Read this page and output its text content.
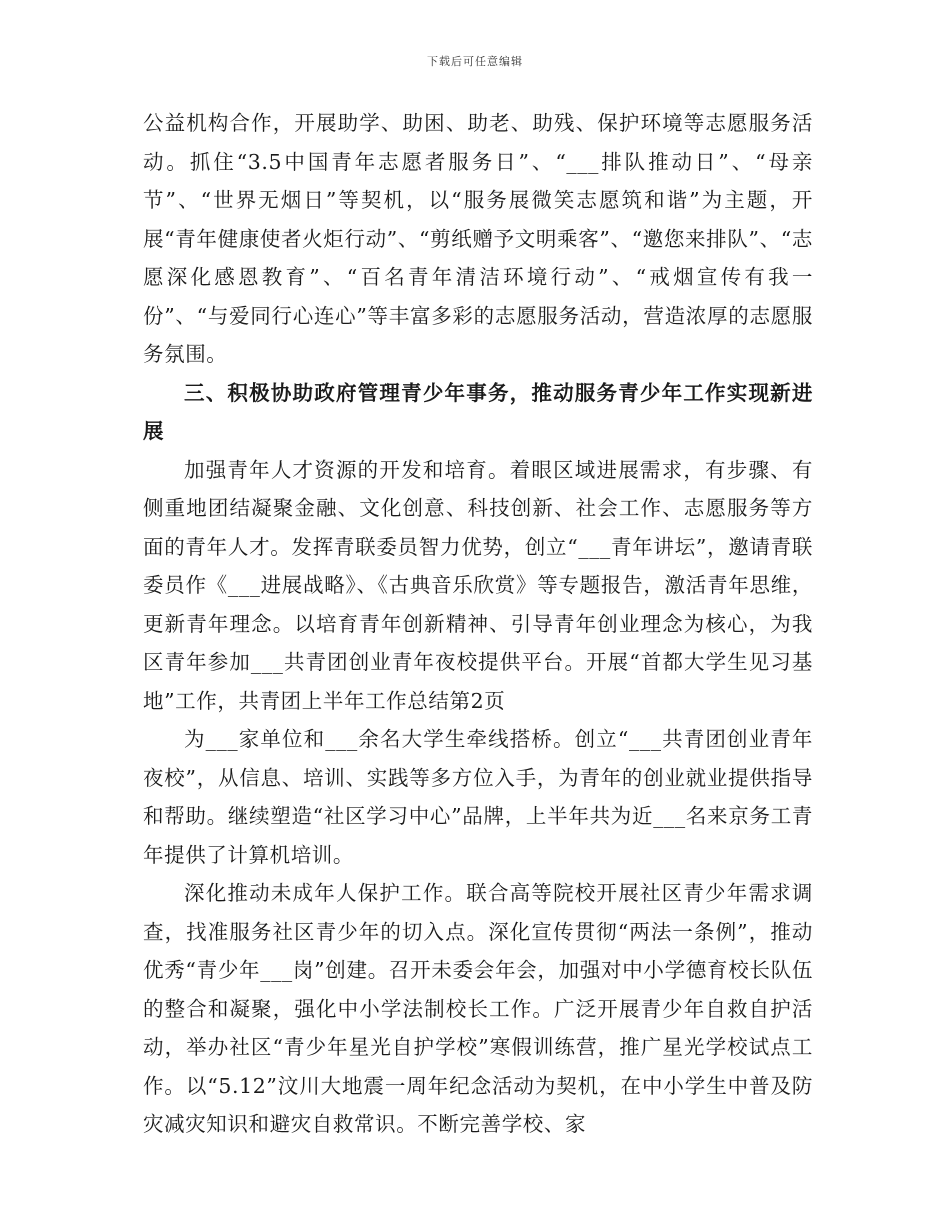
下载后可任意编辑

公益机构合作，开展助学、助困、助老、助残、保护环境等志愿服务活动。抓住“3.5中国青年志愿者服务日”、“___排队推动日”、“母亲节”、“世界无烟日”等契机，以“服务展微笑志愿筑和谐”为主题，开展“青年健康使者火炬行动”、“剪纸赠予文明乘客”、“邀您来排队”、“志愿深化感恩教育”、“百名青年清洁环境行动”、“戒烟宣传有我一份”、“与爱同行心连心”等丰富多彩的志愿服务活动，营造浓厚的志愿服务氛围。

三、积极协助政府管理青少年事务，推动服务青少年工作实现新进展

加强青年人才资源的开发和培育。着眼区域进展需求，有步骤、有侧重地团结凝聚金融、文化创意、科技创新、社会工作、志愿服务等方面的青年人才。发挥青联委员智力优势，创立“___青年讲坛”，邀请青联委员作《___进展战略》、《古典音乐欣赏》等专题报告，激活青年思维，更新青年理念。以培育青年创新精神、引导青年创业理念为核心，为我区青年参加___共青团创业青年夜校提供平台。开展“首都大学生见习基地”工作，共青团上半年工作总结第2页

为___家单位和___余名大学生牵线搭桥。创立“___共青团创业青年夜校”，从信息、培训、实践等多方位入手，为青年的创业就业提供指导和帮助。继续塑造“社区学习中心”品牌，上半年共为近___名来京务工青年提供了计算机培训。

深化推动未成年人保护工作。联合高等院校开展社区青少年需求调查，找准服务社区青少年的切入点。深化宣传贯彻“两法一条例”，推动优秀“青少年___岗”创建。召开未委会年会，加强对中小学德育校长队伍的整合和凝聚，强化中小学法制校长工作。广泛开展青少年自救自护活动，举办社区“青少年星光自护学校”寒假训练营，推广星光学校试点工作。以“5.12”汶川大地震一周年纪念活动为契机，在中小学生中普及防灾减灾知识和避灾自救常识。不断完善学校、家
